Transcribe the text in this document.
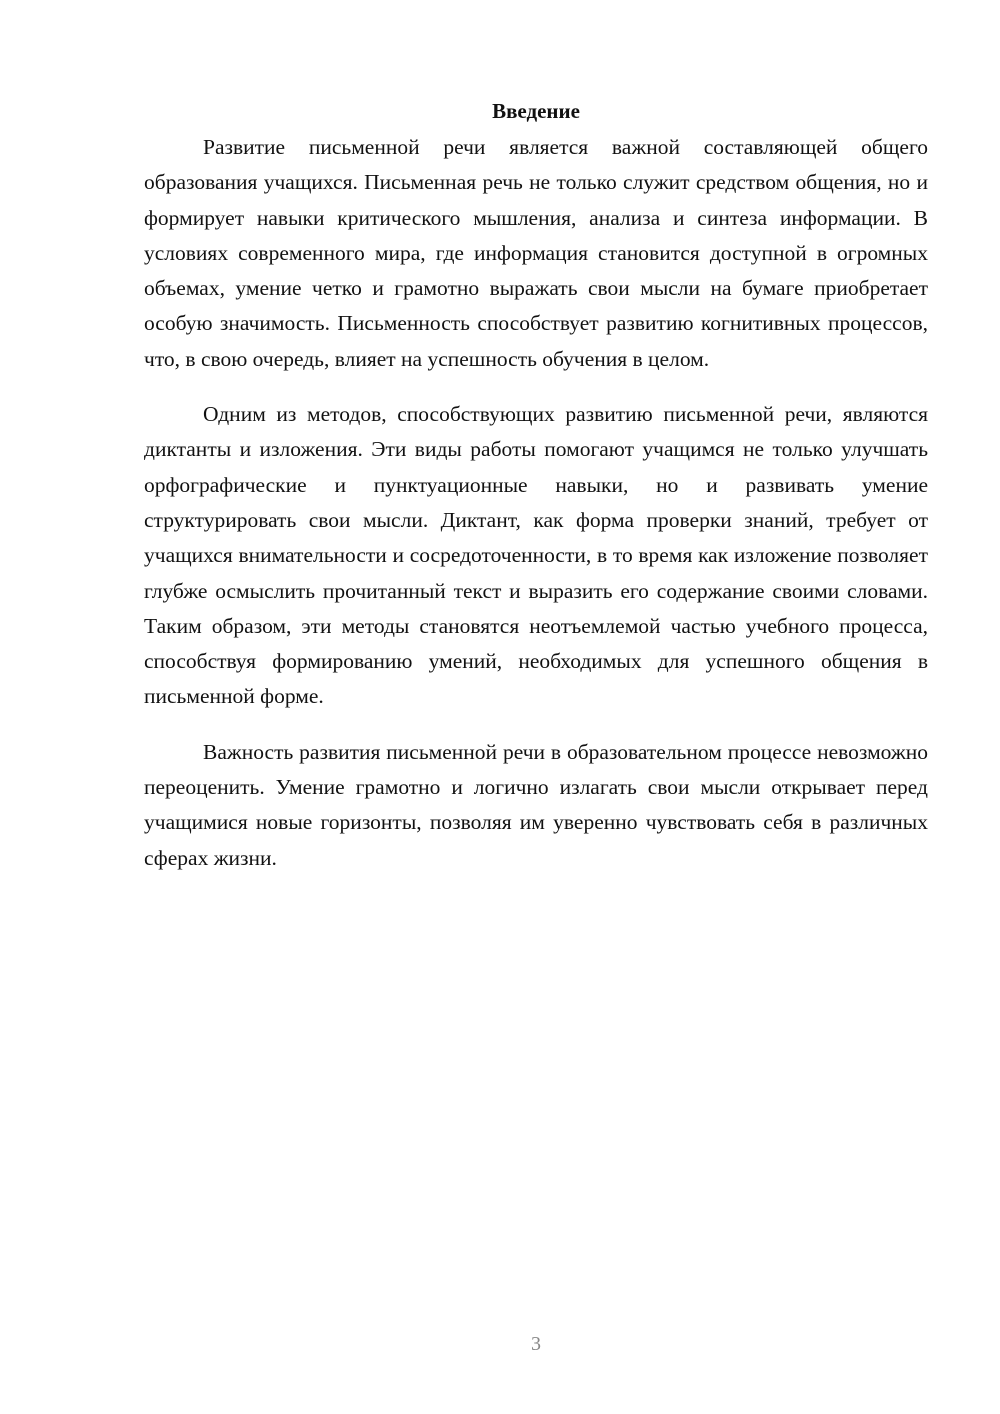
Введение

Развитие письменной речи является важной составляющей общего образования учащихся. Письменная речь не только служит средством общения, но и формирует навыки критического мышления, анализа и синтеза информации. В условиях современного мира, где информация становится доступной в огромных объемах, умение четко и грамотно выражать свои мысли на бумаге приобретает особую значимость. Письменность способствует развитию когнитивных процессов, что, в свою очередь, влияет на успешность обучения в целом.

Одним из методов, способствующих развитию письменной речи, являются диктанты и изложения. Эти виды работы помогают учащимся не только улучшать орфографические и пунктуационные навыки, но и развивать умение структурировать свои мысли. Диктант, как форма проверки знаний, требует от учащихся внимательности и сосредоточенности, в то время как изложение позволяет глубже осмыслить прочитанный текст и выразить его содержание своими словами. Таким образом, эти методы становятся неотъемлемой частью учебного процесса, способствуя формированию умений, необходимых для успешного общения в письменной форме.

Важность развития письменной речи в образовательном процессе невозможно переоценить. Умение грамотно и логично излагать свои мысли открывает перед учащимися новые горизонты, позволяя им уверенно чувствовать себя в различных сферах жизни.

3
